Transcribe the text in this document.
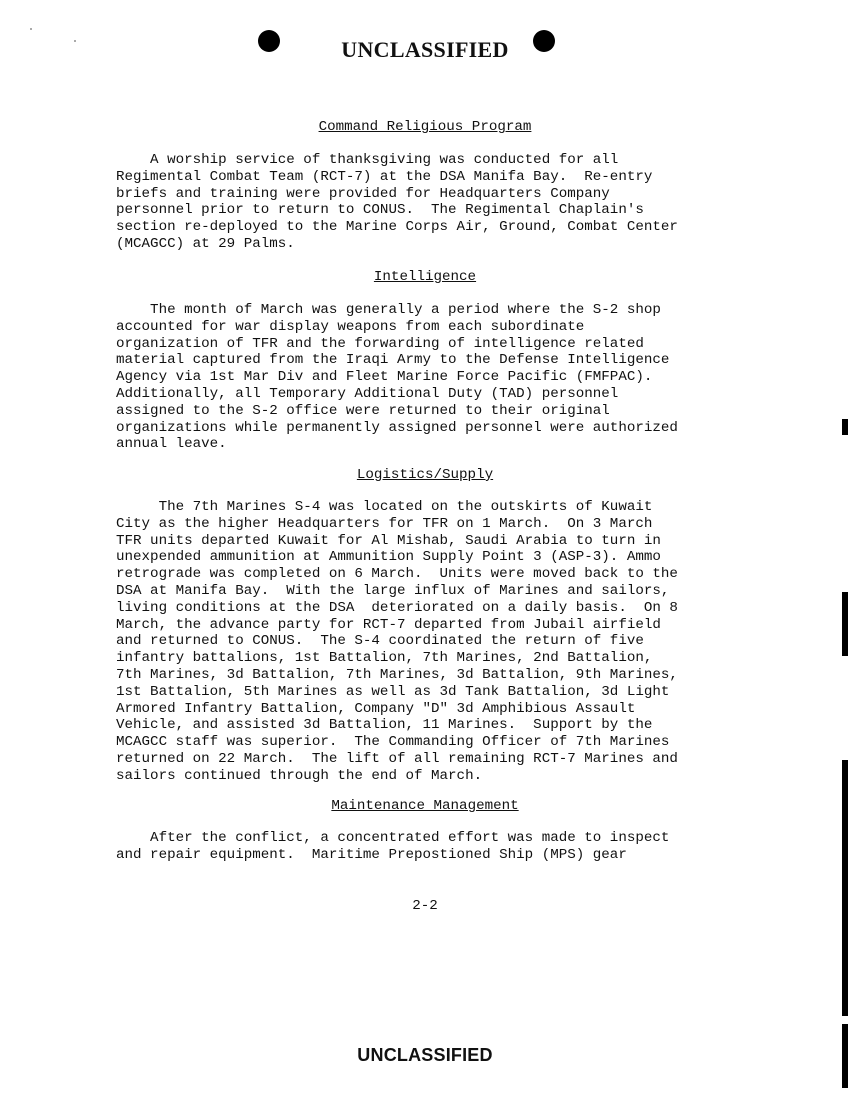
UNCLASSIFIED
Command Religious Program
A worship service of thanksgiving was conducted for all
Regimental Combat Team (RCT-7) at the DSA Manifa Bay.  Re-entry
briefs and training were provided for Headquarters Company
personnel prior to return to CONUS.  The Regimental Chaplain's
section re-deployed to the Marine Corps Air, Ground, Combat Center
(MCAGCC) at 29 Palms.
Intelligence
The month of March was generally a period where the S-2 shop
accounted for war display weapons from each subordinate
organization of TFR and the forwarding of intelligence related
material captured from the Iraqi Army to the Defense Intelligence
Agency via 1st Mar Div and Fleet Marine Force Pacific (FMFPAC).
Additionally, all Temporary Additional Duty (TAD) personnel
assigned to the S-2 office were returned to their original
organizations while permanently assigned personnel were authorized
annual leave.
Logistics/Supply
The 7th Marines S-4 was located on the outskirts of Kuwait
City as the higher Headquarters for TFR on 1 March.  On 3 March
TFR units departed Kuwait for Al Mishab, Saudi Arabia to turn in
unexpended ammunition at Ammunition Supply Point 3 (ASP-3). Ammo
retrograde was completed on 6 March.  Units were moved back to the
DSA at Manifa Bay.  With the large influx of Marines and sailors,
living conditions at the DSA  deteriorated on a daily basis.  On 8
March, the advance party for RCT-7 departed from Jubail airfield
and returned to CONUS.  The S-4 coordinated the return of five
infantry battalions, 1st Battalion, 7th Marines, 2nd Battalion,
7th Marines, 3d Battalion, 7th Marines, 3d Battalion, 9th Marines,
1st Battalion, 5th Marines as well as 3d Tank Battalion, 3d Light
Armored Infantry Battalion, Company "D" 3d Amphibious Assault
Vehicle, and assisted 3d Battalion, 11 Marines.  Support by the
MCAGCC staff was superior.  The Commanding Officer of 7th Marines
returned on 22 March.  The lift of all remaining RCT-7 Marines and
sailors continued through the end of March.
Maintenance Management
After the conflict, a concentrated effort was made to inspect
and repair equipment.  Maritime Prepostioned Ship (MPS) gear
2-2
UNCLASSIFIED
